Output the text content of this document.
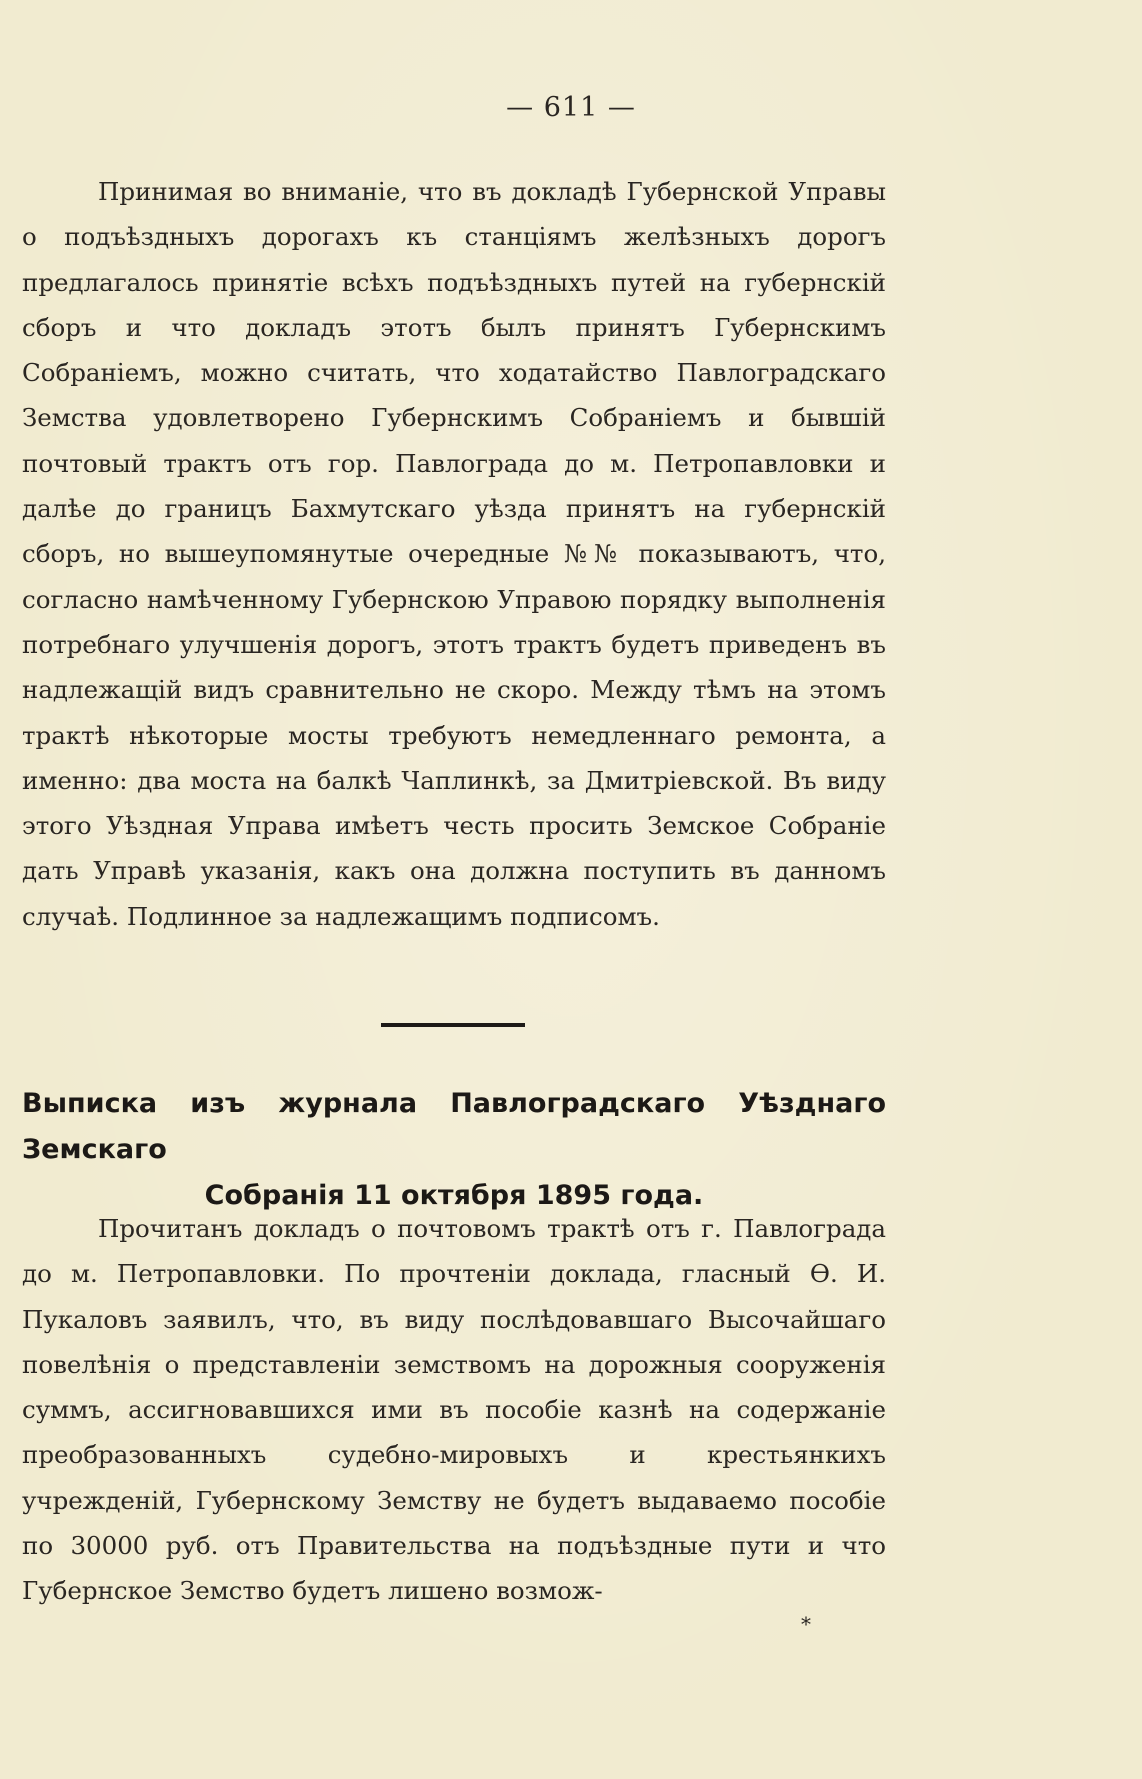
— 611 —

Принимая во вниманіе, что въ докладѣ Губернской Управы о подъѣздныхъ дорогахъ къ станціямъ желѣзныхъ дорогъ предлагалось принятіе всѣхъ подъѣздныхъ путей на губернскій сборъ и что докладъ этотъ былъ принятъ Губернскимъ Собраніемъ, можно считать, что ходатайство Павлоградскаго Земства удовлетворено Губернскимъ Собраніемъ и бывшій почтовый трактъ отъ гор. Павлограда до м. Петропавловки и далѣе до границъ Бахмутскаго уѣзда принятъ на губернскій сборъ, но вышеупомянутые очередные №№ показываютъ, что, согласно намѣченному Губернскою Управою порядку выполненія потребнаго улучшенія дорогъ, этотъ трактъ будетъ приведенъ въ надлежащій видъ сравнительно не скоро. Между тѣмъ на этомъ трактѣ нѣкоторые мосты требуютъ немедленнаго ремонта, а именно: два моста на балкѣ Чаплинкѣ, за Дмитріевской. Въ виду этого Уѣздная Управа имѣетъ честь просить Земское Собраніе дать Управѣ указанія, какъ она должна поступить въ данномъ случаѣ. Подлинное за надлежащимъ подписомъ.

Выписка изъ журнала Павлоградскаго Уѣзднаго Земскаго
Собранія 11 октября 1895 года.

Прочитанъ докладъ о почтовомъ трактѣ отъ г. Павлограда до м. Петропавловки. По прочтеніи доклада, гласный Ѳ. И. Пукаловъ заявилъ, что, въ виду послѣдовавшаго Высочайшаго повелѣнія о представленіи земствомъ на дорожныя сооруженія суммъ, ассигновавшихся ими въ пособіе казнѣ на содержаніе преобразованныхъ судебно-мировыхъ и крестьянкихъ учрежденій, Губернскому Земству не будетъ выдаваемо пособіе по 30000 руб. отъ Правительства на подъѣздные пути и что Губернское Земство будетъ лишено возмож-

*
